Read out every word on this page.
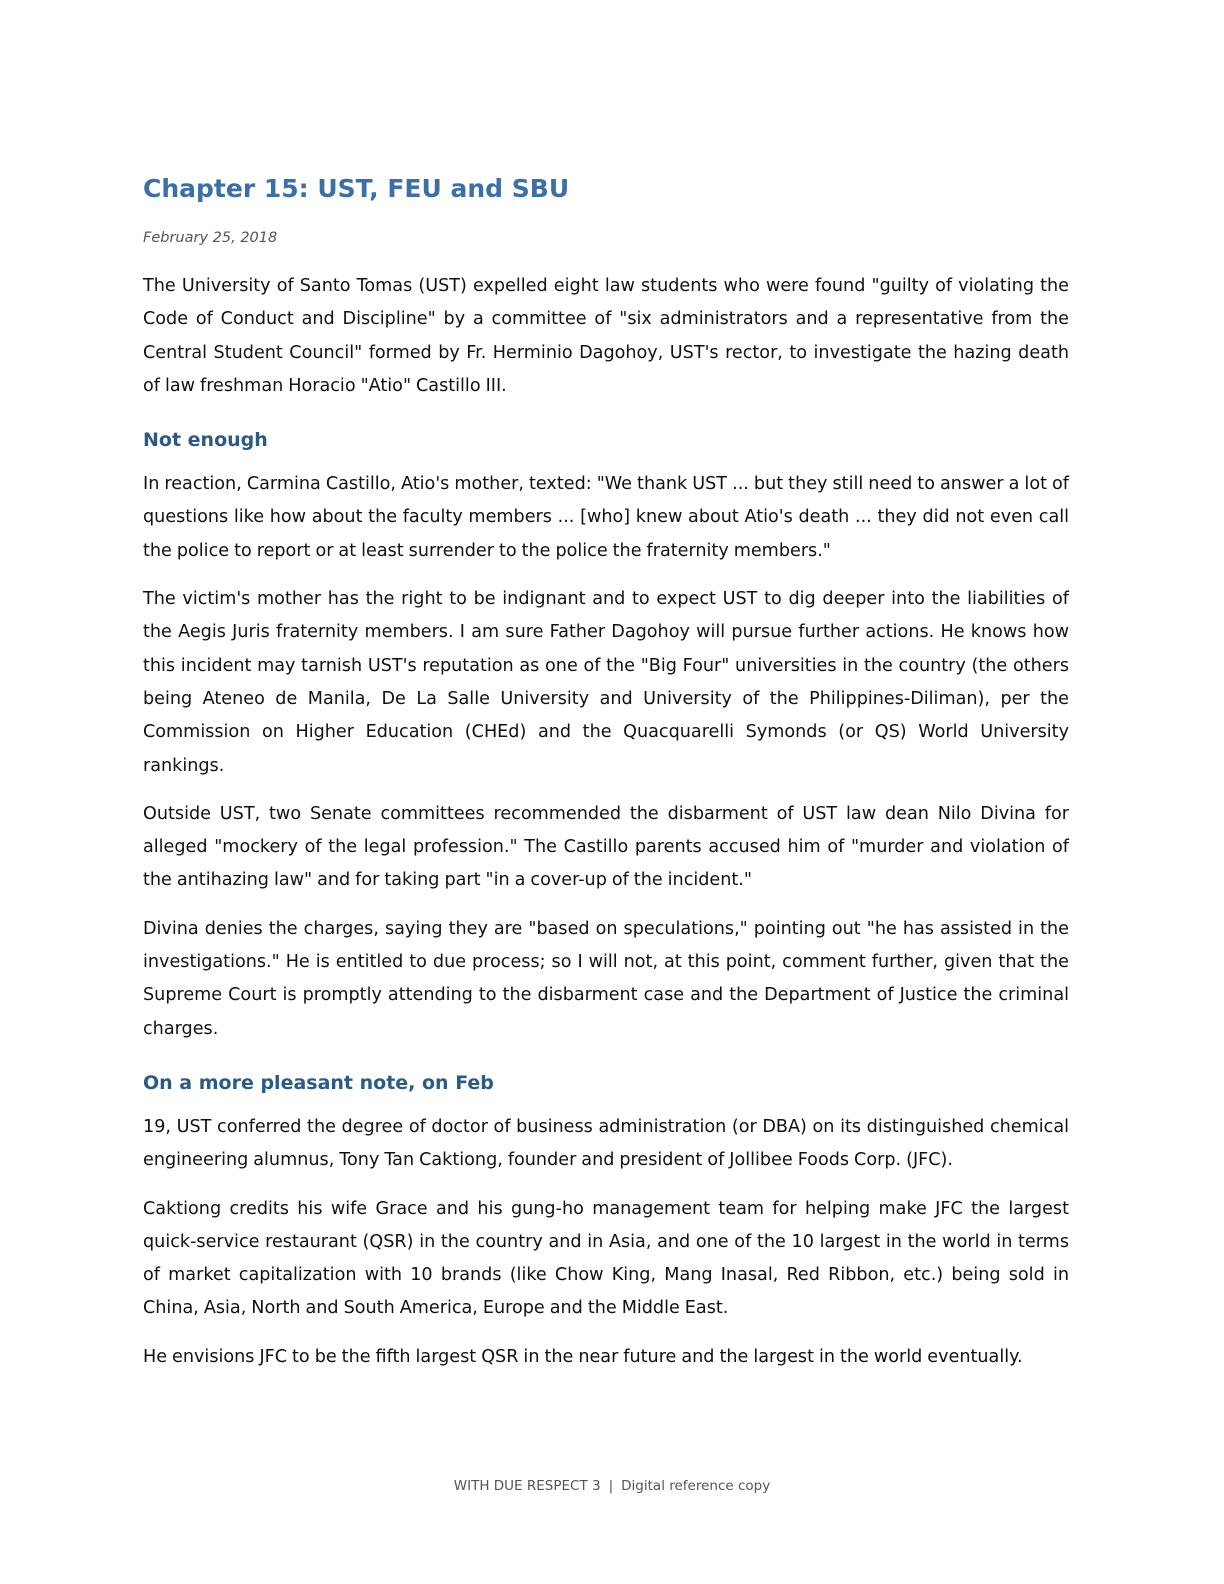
Chapter 15: UST, FEU and SBU
February 25, 2018

The University of Santo Tomas (UST) expelled eight law students who were found "guilty of violating the Code of Conduct and Discipline" by a committee of "six administrators and a representative from the Central Student Council" formed by Fr. Herminio Dagohoy, UST's rector, to investigate the hazing death of law freshman Horacio "Atio" Castillo III.

Not enough

In reaction, Carmina Castillo, Atio's mother, texted: "We thank UST ... but they still need to answer a lot of questions like how about the faculty members ... [who] knew about Atio's death ... they did not even call the police to report or at least surrender to the police the fraternity members."

The victim's mother has the right to be indignant and to expect UST to dig deeper into the liabilities of the Aegis Juris fraternity members. I am sure Father Dagohoy will pursue further actions. He knows how this incident may tarnish UST's reputation as one of the "Big Four" universities in the country (the others being Ateneo de Manila, De La Salle University and University of the Philippines-Diliman), per the Commission on Higher Education (CHEd) and the Quacquarelli Symonds (or QS) World University rankings.

Outside UST, two Senate committees recommended the disbarment of UST law dean Nilo Divina for alleged "mockery of the legal profession." The Castillo parents accused him of "murder and violation of the antihazing law" and for taking part "in a cover-up of the incident."

Divina denies the charges, saying they are "based on speculations," pointing out "he has assisted in the investigations." He is entitled to due process; so I will not, at this point, comment further, given that the Supreme Court is promptly attending to the disbarment case and the Department of Justice the criminal charges.

On a more pleasant note, on Feb

19, UST conferred the degree of doctor of business administration (or DBA) on its distinguished chemical engineering alumnus, Tony Tan Caktiong, founder and president of Jollibee Foods Corp. (JFC).

Caktiong credits his wife Grace and his gung-ho management team for helping make JFC the largest quick-service restaurant (QSR) in the country and in Asia, and one of the 10 largest in the world in terms of market capitalization with 10 brands (like Chow King, Mang Inasal, Red Ribbon, etc.) being sold in China, Asia, North and South America, Europe and the Middle East.

He envisions JFC to be the fifth largest QSR in the near future and the largest in the world eventually.

WITH DUE RESPECT 3 | Digital reference copy
